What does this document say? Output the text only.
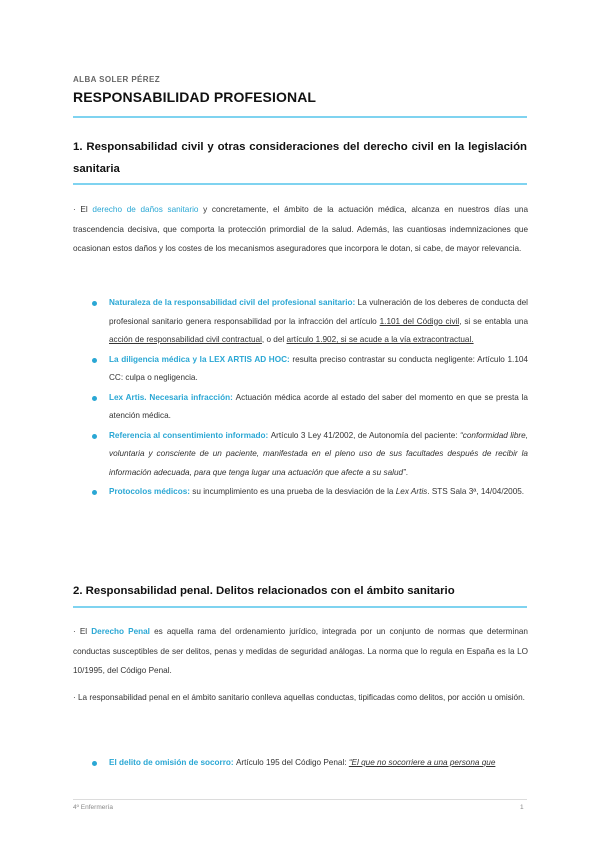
ALBA SOLER PÉREZ
RESPONSABILIDAD PROFESIONAL
1. Responsabilidad civil y otras consideraciones del derecho civil en la legislación sanitaria
· El derecho de daños sanitario y concretamente, el ámbito de la actuación médica, alcanza en nuestros días una trascendencia decisiva, que comporta la protección primordial de la salud. Además, las cuantiosas indemnizaciones que ocasionan estos daños y los costes de los mecanismos aseguradores que incorpora le dotan, si cabe, de mayor relevancia.
Naturaleza de la responsabilidad civil del profesional sanitario: La vulneración de los deberes de conducta del profesional sanitario genera responsabilidad por la infracción del artículo 1.101 del Código civil, si se entabla una acción de responsabilidad civil contractual, o del artículo 1.902, si se acude a la vía extracontractual.
La diligencia médica y la LEX ARTIS AD HOC: resulta preciso contrastar su conducta negligente: Artículo 1.104 CC: culpa o negligencia.
Lex Artis. Necesaria infracción: Actuación médica acorde al estado del saber del momento en que se presta la atención médica.
Referencia al consentimiento informado: Artículo 3 Ley 41/2002, de Autonomía del paciente: “conformidad libre, voluntaria y consciente de un paciente, manifestada en el pleno uso de sus facultades después de recibir la información adecuada, para que tenga lugar una actuación que afecte a su salud”.
Protocolos médicos: su incumplimiento es una prueba de la desviación de la Lex Artis. STS Sala 3ª, 14/04/2005.
2. Responsabilidad penal. Delitos relacionados con el ámbito sanitario
· El Derecho Penal es aquella rama del ordenamiento jurídico, integrada por un conjunto de normas que determinan conductas susceptibles de ser delitos, penas y medidas de seguridad análogas. La norma que lo regula en España es la LO 10/1995, del Código Penal.
· La responsabilidad penal en el ámbito sanitario conlleva aquellas conductas, tipificadas como delitos, por acción u omisión.
El delito de omisión de socorro: Artículo 195 del Código Penal: “El que no socorriere a una persona que
4º Enfermería	1
